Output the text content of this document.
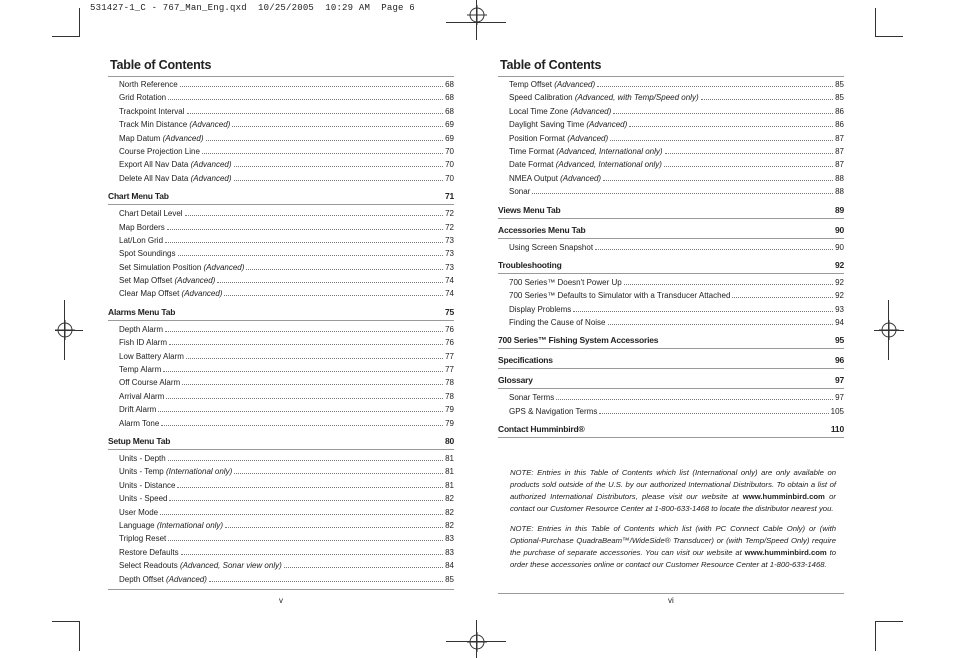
531427-1_C - 767_Man_Eng.qxd  10/25/2005  10:29 AM  Page 6
Table of Contents
North Reference	68
Grid Rotation	68
Trackpoint Interval	68
Track Min Distance (Advanced)	69
Map Datum (Advanced)	69
Course Projection Line	70
Export All Nav Data (Advanced)	70
Delete All Nav Data (Advanced)	70
Chart Menu Tab	71
Chart Detail Level	72
Map Borders	72
Lat/Lon Grid	73
Spot Soundings	73
Set Simulation Position (Advanced)	73
Set Map Offset (Advanced)	74
Clear Map Offset (Advanced)	74
Alarms Menu Tab	75
Depth Alarm	76
Fish ID Alarm	76
Low Battery Alarm	77
Temp Alarm	77
Off Course Alarm	78
Arrival Alarm	78
Drift Alarm	79
Alarm Tone	79
Setup Menu Tab	80
Units - Depth	81
Units - Temp (International only)	81
Units - Distance	81
Units - Speed	82
User Mode	82
Language (International only)	82
Triplog Reset	83
Restore Defaults	83
Select Readouts (Advanced, Sonar view only)	84
Depth Offset (Advanced)	85
v
Table of Contents
Temp Offset (Advanced)	85
Speed Calibration (Advanced, with Temp/Speed only)	85
Local Time Zone (Advanced)	86
Daylight Saving Time (Advanced)	86
Position Format (Advanced)	87
Time Format (Advanced, International only)	87
Date Format (Advanced, International only)	87
NMEA Output (Advanced)	88
Sonar	88
Views Menu Tab	89
Accessories Menu Tab	90
Using Screen Snapshot	90
Troubleshooting	92
700 Series™ Doesn't Power Up	92
700 Series™ Defaults to Simulator with a Transducer Attached	92
Display Problems	93
Finding the Cause of Noise	94
700 Series™ Fishing System Accessories	95
Specifications	96
Glossary	97
Sonar Terms	97
GPS & Navigation Terms	105
Contact Humminbird®	110
NOTE: Entries in this Table of Contents which list (International only) are only available on products sold outside of the U.S. by our authorized International Distributors. To obtain a list of authorized International Distributors, please visit our website at www.humminbird.com or contact our Customer Resource Center at 1-800-633-1468 to locate the distributor nearest you.
NOTE: Entries in this Table of Contents which list (with PC Connect Cable Only) or (with Optional-Purchase QuadraBeam™/WideSide® Transducer) or (with Temp/Speed Only) require the purchase of separate accessories. You can visit our website at www.humminbird.com to order these accessories online or contact our Customer Resource Center at 1-800-633-1468.
vi
